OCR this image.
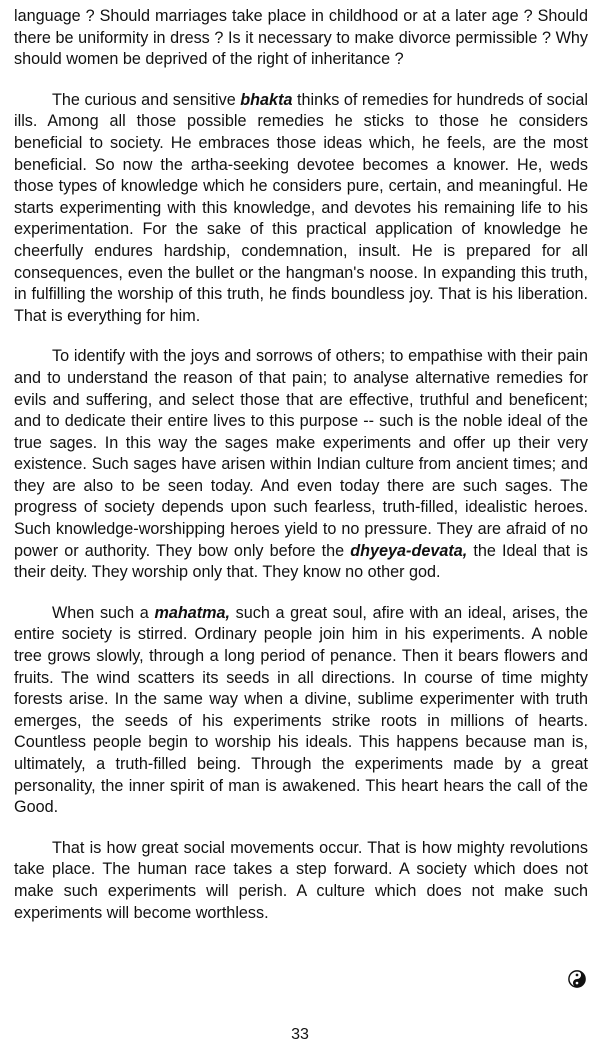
language ? Should marriages take place in childhood or at a later age ? Should there be uniformity in dress ? Is it necessary to make divorce permissible ? Why should women be deprived of the right of inheritance ?

The curious and sensitive bhakta thinks of remedies for hundreds of social ills. Among all those possible remedies he sticks to those he considers beneficial to society. He embraces those ideas which, he feels, are the most beneficial. So now the artha-seeking devotee becomes a knower. He, weds those types of knowledge which he considers pure, certain, and meaningful. He starts experimenting with this knowledge, and devotes his remaining life to his experimentation. For the sake of this practical application of knowledge he cheerfully endures hardship, condemnation, insult. He is prepared for all consequences, even the bullet or the hangman's noose. In expanding this truth, in fulfilling the worship of this truth, he finds boundless joy. That is his liberation. That is everything for him.

To identify with the joys and sorrows of others; to empathise with their pain and to understand the reason of that pain; to analyse alternative remedies for evils and suffering, and select those that are effective, truthful and beneficent; and to dedicate their entire lives to this purpose -- such is the noble ideal of the true sages. In this way the sages make experiments and offer up their very existence. Such sages have arisen within Indian culture from ancient times; and they are also to be seen today. And even today there are such sages. The progress of society depends upon such fearless, truth-filled, idealistic heroes. Such knowledge-worshipping heroes yield to no pressure. They are afraid of no power or authority. They bow only before the dhyeya-devata, the Ideal that is their deity. They worship only that. They know no other god.

When such a mahatma, such a great soul, afire with an ideal, arises, the entire society is stirred. Ordinary people join him in his experiments. A noble tree grows slowly, through a long period of penance. Then it bears flowers and fruits. The wind scatters its seeds in all directions. In course of time mighty forests arise. In the same way when a divine, sublime experimenter with truth emerges, the seeds of his experiments strike roots in millions of hearts. Countless people begin to worship his ideals. This happens because man is, ultimately, a truth-filled being. Through the experiments made by a great personality, the inner spirit of man is awakened. This heart hears the call of the Good.

That is how great social movements occur. That is how mighty revolutions take place. The human race takes a step forward. A society which does not make such experiments will perish. A culture which does not make such experiments will become worthless.

33
